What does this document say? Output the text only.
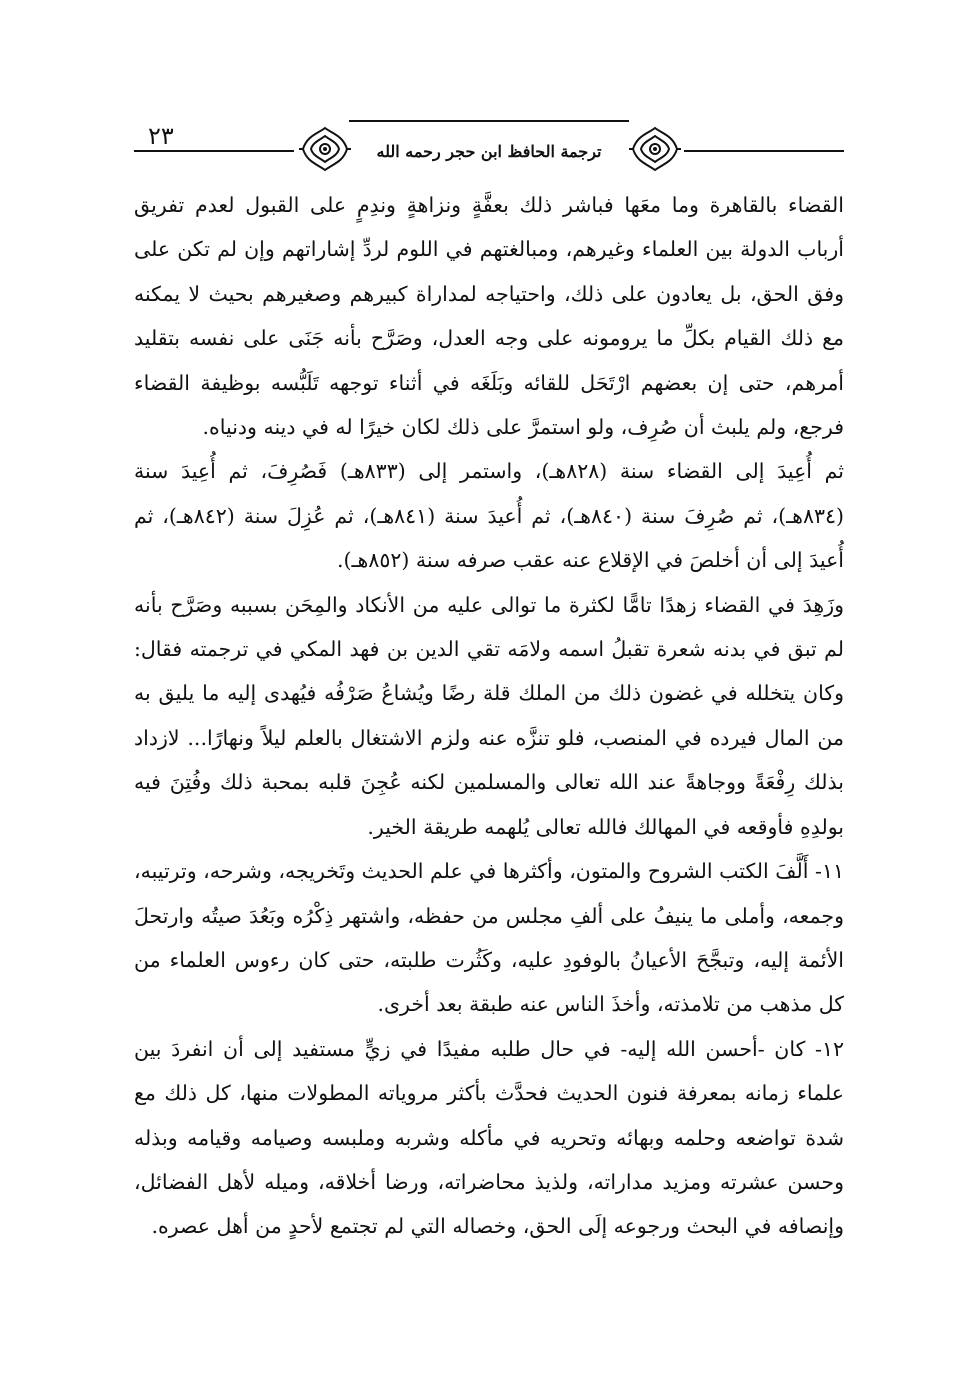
٢٣
ترجمة الحافظ ابن حجر رحمه الله

القضاء بالقاهرة وما معَها فباشر ذلك بعفَّةٍ ونزاهةٍ وندِمٍ على القبول لعدم تفريق أرباب الدولة بين العلماء وغيرهم، ومبالغتهم في اللوم لردِّ إشاراتهم وإن لم تكن على وفق الحق، بل يعادون على ذلك، واحتياجه لمداراة كبيرهم وصغيرهم بحيث لا يمكنه مع ذلك القيام بكلِّ ما يرومونه على وجه العدل، وصَرَّح بأنه جَنَى على نفسه بتقليد أمرهم، حتى إن بعضهم ارْتَحَل للقائه وبَلَغَه في أثناء توجهه تَلَبُّسه بوظيفة القضاء فرجع، ولم يلبث أن صُرِف، ولو استمرَّ على ذلك لكان خيرًا له في دينه ودنياه.

ثم أُعِيدَ إلى القضاء سنة (٨٢٨هـ)، واستمر إلى (٨٣٣هـ) فَصُرِفَ، ثم أُعِيدَ سنة (٨٣٤هـ)، ثم صُرِفَ سنة (٨٤٠هـ)، ثم أُعيدَ سنة (٨٤١هـ)، ثم عُزِلَ سنة (٨٤٢هـ)، ثم أُعيدَ إلى أن أخلصَ في الإقلاع عنه عقب صرفه سنة (٨٥٢هـ).

وزَهِدَ في القضاء زهدًا تامًّا لكثرة ما توالى عليه من الأنكاد والمِحَن بسببه وصَرَّح بأنه لم تبق في بدنه شعرة تقبلُ اسمه ولامَه تقي الدين بن فهد المكي في ترجمته فقال: وكان يتخلله في غضون ذلك من الملك قلة رضًا ويُشاعُ صَرْفُه فيُهدى إليه ما يليق به من المال فيرده في المنصب، فلو تنزَّه عنه ولزم الاشتغال بالعلم ليلاً ونهارًا... لازداد بذلك رِفْعَةً ووجاهةً عند الله تعالى والمسلمين لكنه عُجِنَ قلبه بمحبة ذلك وفُتِنَ فيه بولدِهِ فأوقعه في المهالك فالله تعالى يُلهمه طريقة الخير.

١١- أَلَّفَ الكتب الشروح والمتون، وأكثرها في علم الحديث وتَخريجه، وشرحه، وترتيبه، وجمعه، وأملى ما ينيفُ على ألفِ مجلس من حفظه، واشتهر ذِكْرُه وبَعُدَ صيتُه وارتحلَ الأئمة إليه، وتبجَّحَ الأعيانُ بالوفودِ عليه، وكَثُرت طلبته، حتى كان رءوس العلماء من كل مذهب من تلامذته، وأخذَ الناس عنه طبقة بعد أخرى.

١٢- كان -أحسن الله إليه- في حال طلبه مفيدًا في زيٍّ مستفيد إلى أن انفردَ بين علماء زمانه بمعرفة فنون الحديث فحدَّث بأكثر مروياته المطولات منها، كل ذلك مع شدة تواضعه وحلمه وبهائه وتحريه في مأكله وشربه وملبسه وصيامه وقيامه وبذله وحسن عشرته ومزيد مداراته، ولذيذ محاضراته، ورضا أخلاقه، وميله لأهل الفضائل، وإنصافه في البحث ورجوعه إلَى الحق، وخصاله التي لم تجتمع لأحدٍ من أهل عصره.
